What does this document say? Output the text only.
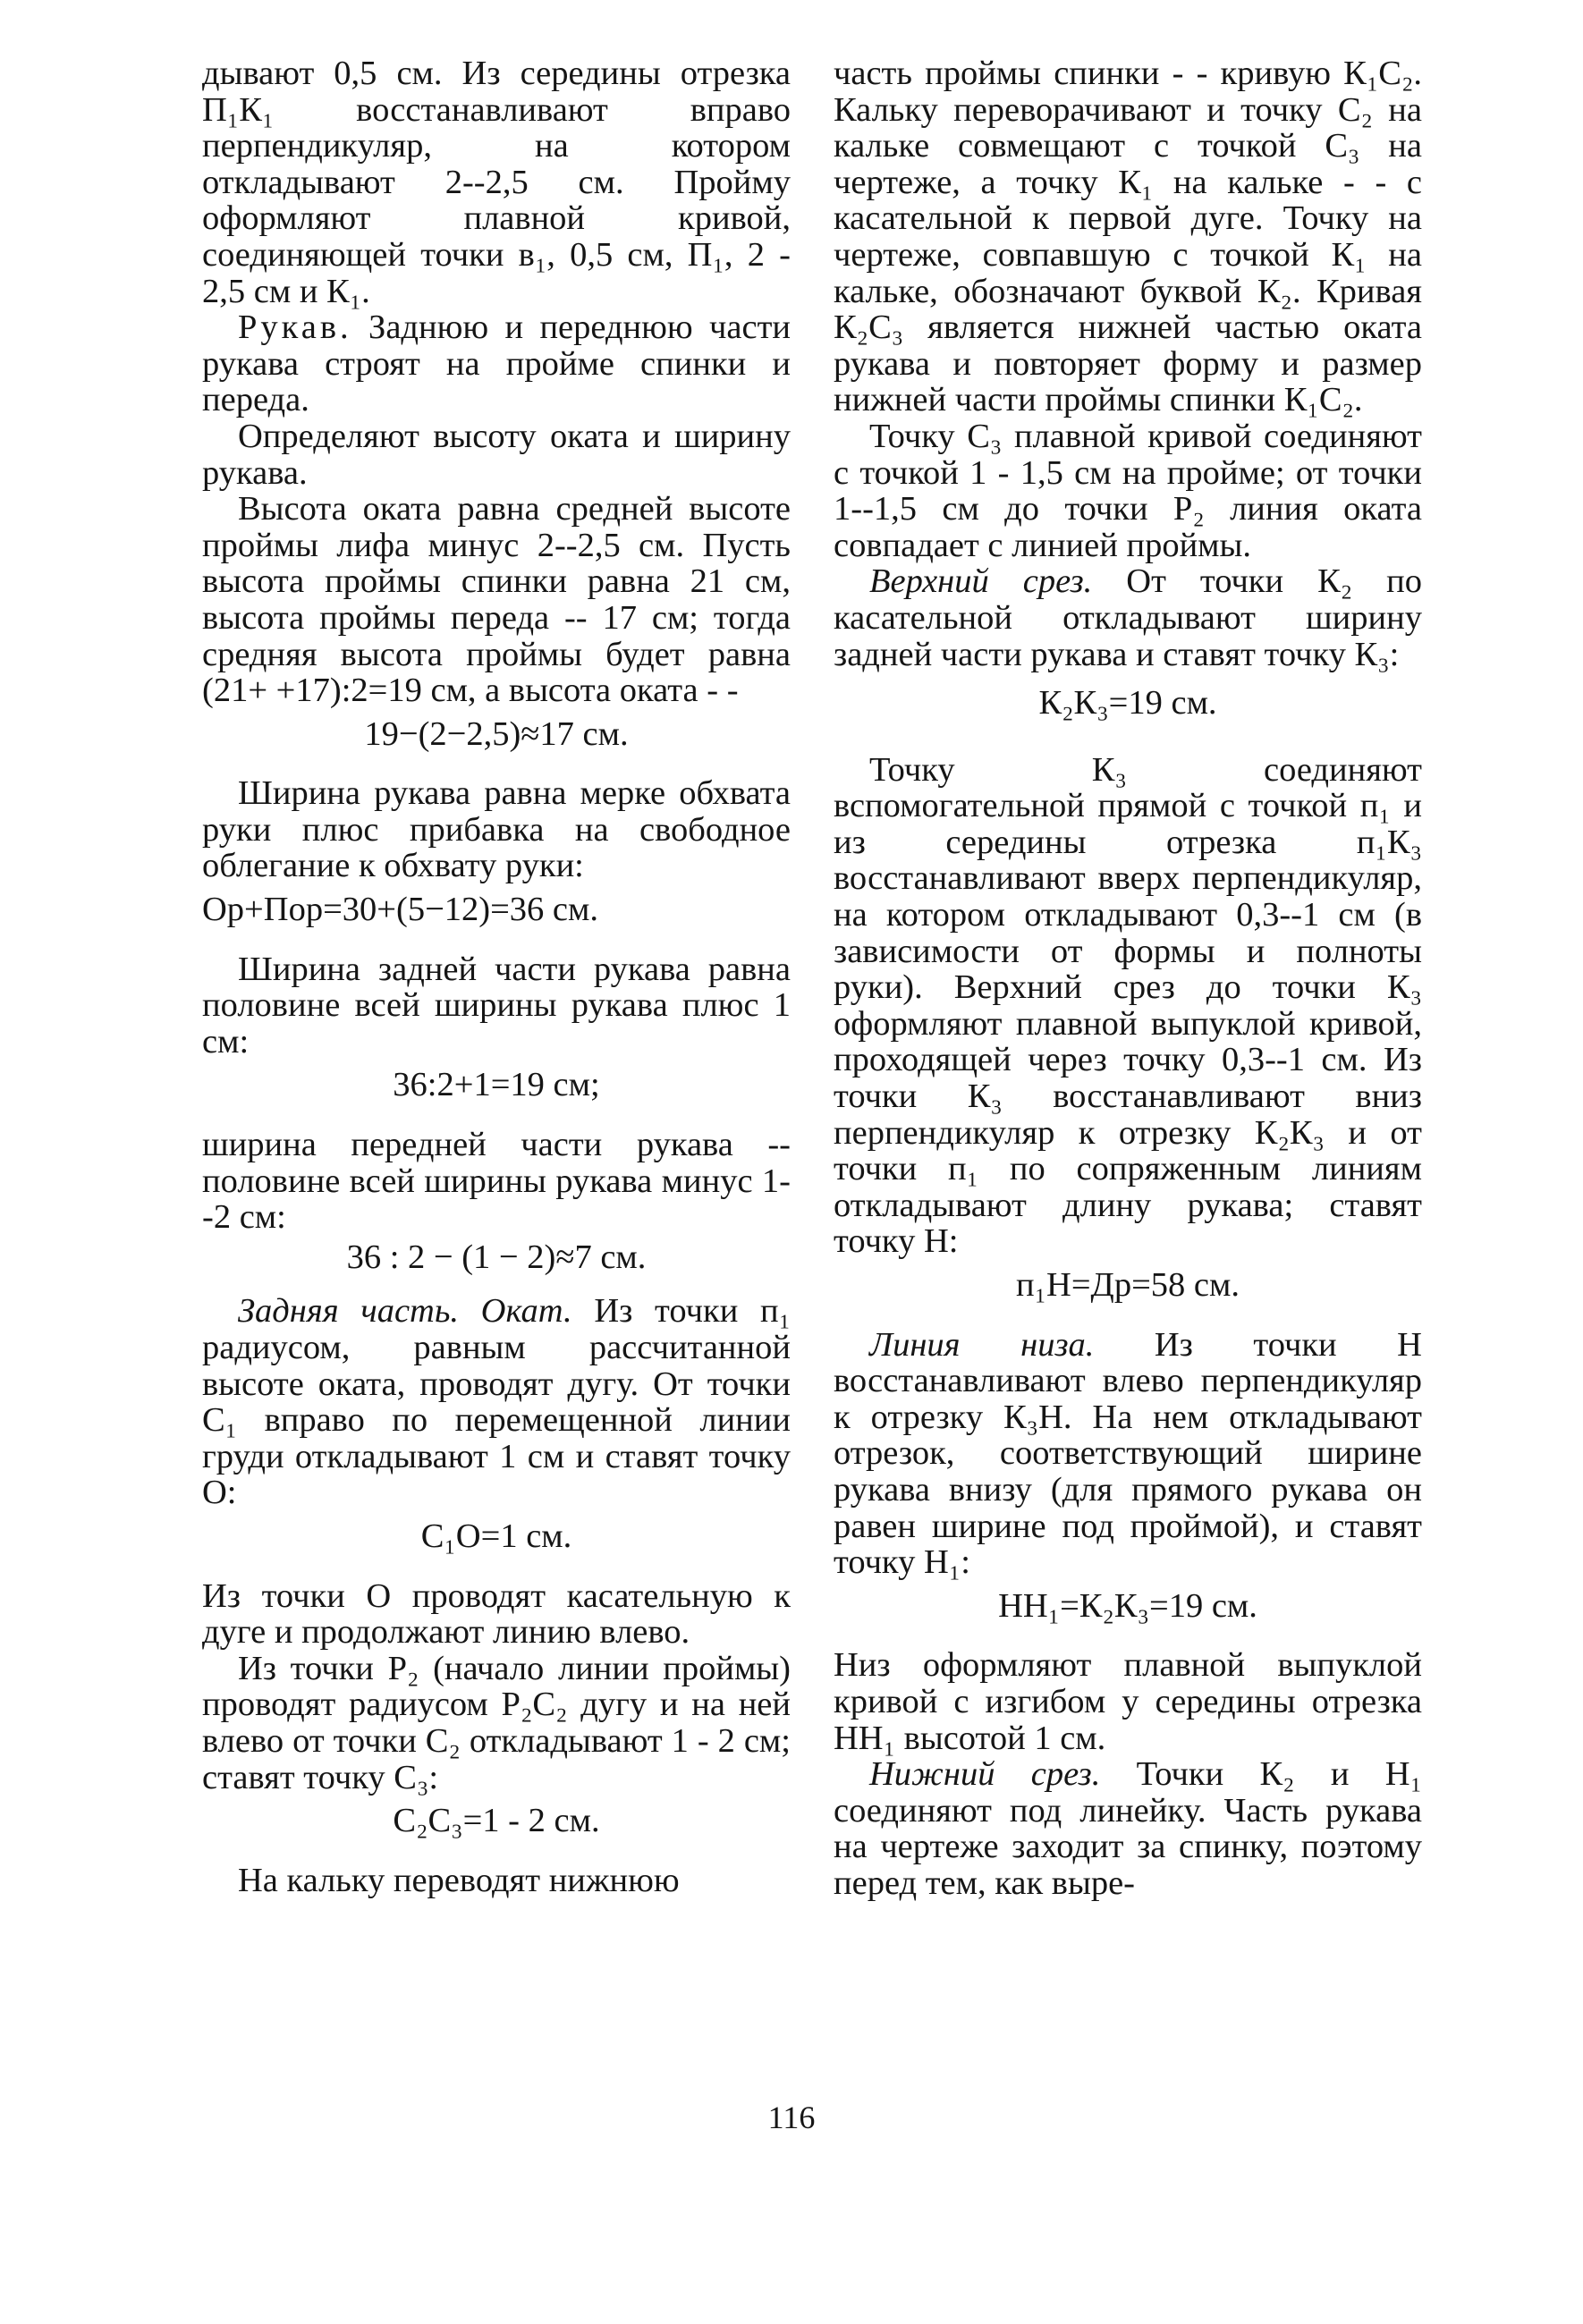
дывают 0,5 см. Из середины отрезка П₁К₁ восстанавливают вправо перпендикуляр, на котором откладывают 2--2,5 см. Пройму оформляют плавной кривой, соединяющей точки в₁, 0,5 см, П₁, 2 - 2,5 см и К₁.

Рукав. Заднюю и переднюю части рукава строят на пройме спинки и переда.

Определяют высоту оката и ширину рукава.

Высота оката равна средней высоте проймы лифа минус 2--2,5 см. Пусть высота проймы спинки равна 21 см, высота проймы переда -- 17 см; тогда средняя высота проймы будет равна (21+ +17):2=19 см, а высота оката - -

19−(2−2,5)≈17 см.

Ширина рукава равна мерке обхвата руки плюс прибавка на свободное облегание к обхвату руки:

Ор+Пор=30+(5−12)=36 см.

Ширина задней части рукава равна половине всей ширины рукава плюс 1 см:

36:2+1=19 см;

ширина передней части рукава -- половине всей ширины рукава минус 1--2 см:

36 : 2 − (1 − 2)≈7 см.

Задняя часть. Окат. Из точки п₁ радиусом, равным рассчитанной высоте оката, проводят дугу. От точки С₁ вправо по перемещенной линии груди откладывают 1 см и ставят точку О:

С₁О=1 см.

Из точки О проводят касательную к дуге и продолжают линию влево.

Из точки Р₂ (начало линии проймы) проводят радиусом Р₂С₂ дугу и на ней влево от точки С₂ откладывают 1 - 2 см; ставят точку С₃:

С₂С₃=1 - 2 см.

На кальку переводят нижнюю

часть проймы спинки - - кривую К₁С₂. Кальку переворачивают и точку С₂ на кальке совмещают с точкой С₃ на чертеже, а точку К₁ на кальке - - с касательной к первой дуге. Точку на чертеже, совпавшую с точкой К₁ на кальке, обозначают буквой К₂. Кривая К₂С₃ является нижней частью оката рукава и повторяет форму и размер нижней части проймы спинки К₁С₂.

Точку С₃ плавной кривой соединяют с точкой 1 - 1,5 см на пройме; от точки 1--1,5 см до точки Р₂ линия оката совпадает с линией проймы.

Верхний срез. От точки К₂ по касательной откладывают ширину задней части рукава и ставят точку К₃:

К₂К₃=19 см.

Точку К₃ соединяют вспомогательной прямой с точкой п₁ и из середины отрезка п₁К₃ восстанавливают вверх перпендикуляр, на котором откладывают 0,3--1 см (в зависимости от формы и полноты руки). Верхний срез до точки К₃ оформляют плавной выпуклой кривой, проходящей через точку 0,3--1 см. Из точки К₃ восстанавливают вниз перпендикуляр к отрезку К₂К₃ и от точки п₁ по сопряженным линиям откладывают длину рукава; ставят точку Н:

п₁Н=Др=58 см.

Линия низа. Из точки Н восстанавливают влево перпендикуляр к отрезку К₃Н. На нем откладывают отрезок, соответствующий ширине рукава внизу (для прямого рукава он равен ширине под проймой), и ставят точку Н₁:

НН₁=К₂К₃=19 см.

Низ оформляют плавной выпуклой кривой с изгибом у середины отрезка НН₁ высотой 1 см.

Нижний срез. Точки К₂ и Н₁ соединяют под линейку. Часть рукава на чертеже заходит за спинку, поэтому перед тем, как выре-

116
